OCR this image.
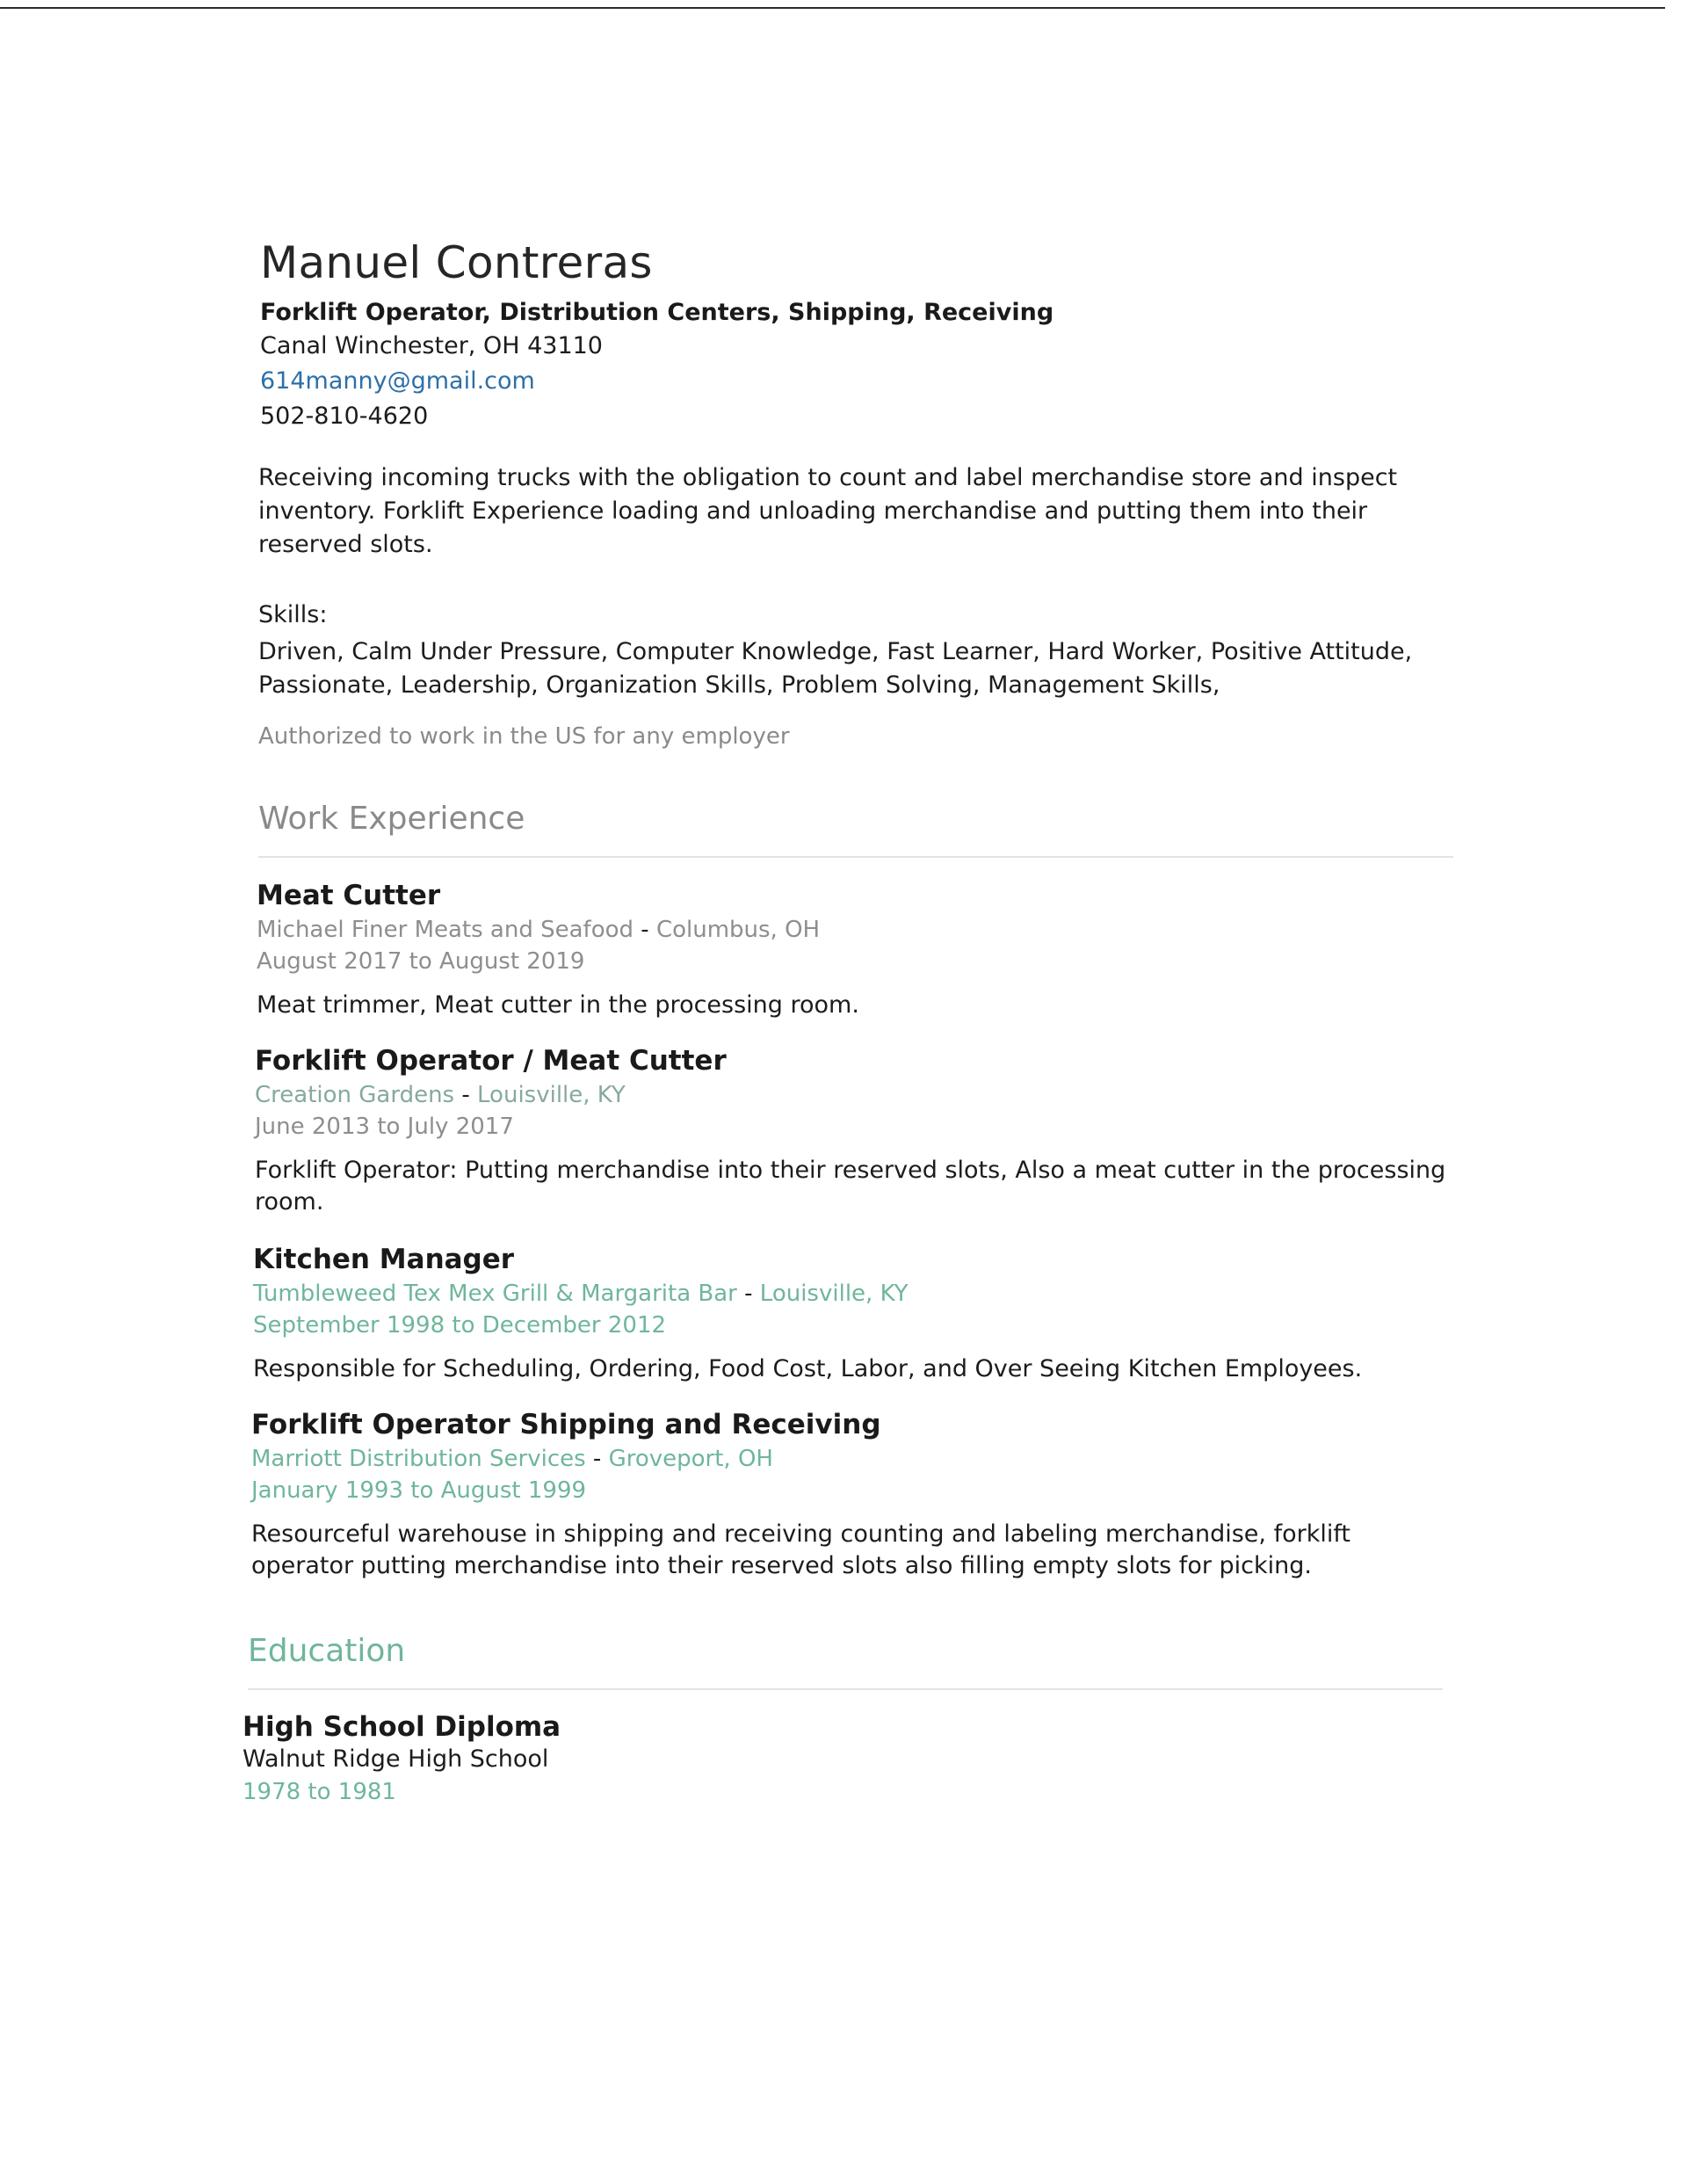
Manuel Contreras
Forklift Operator, Distribution Centers, Shipping, Receiving
Canal Winchester, OH 43110
614manny@gmail.com
502-810-4620
Receiving incoming trucks with the obligation to count and label merchandise store and inspect inventory. Forklift Experience loading and unloading merchandise and putting them into their reserved slots.
Skills:
Driven, Calm Under Pressure, Computer Knowledge, Fast Learner, Hard Worker, Positive Attitude, Passionate, Leadership, Organization Skills, Problem Solving, Management Skills,
Authorized to work in the US for any employer
Work Experience
Meat Cutter
Michael Finer Meats and Seafood - Columbus, OH
August 2017 to August 2019
Meat trimmer, Meat cutter in the processing room.
Forklift Operator / Meat Cutter
Creation Gardens - Louisville, KY
June 2013 to July 2017
Forklift Operator: Putting merchandise into their reserved slots, Also a meat cutter in the processing room.
Kitchen Manager
Tumbleweed Tex Mex Grill & Margarita Bar - Louisville, KY
September 1998 to December 2012
Responsible for Scheduling, Ordering, Food Cost, Labor, and Over Seeing Kitchen Employees.
Forklift Operator Shipping and Receiving
Marriott Distribution Services - Groveport, OH
January 1993 to August 1999
Resourceful warehouse in shipping and receiving counting and labeling merchandise, forklift operator putting merchandise into their reserved slots also filling empty slots for picking.
Education
High School Diploma
Walnut Ridge High School
1978 to 1981
